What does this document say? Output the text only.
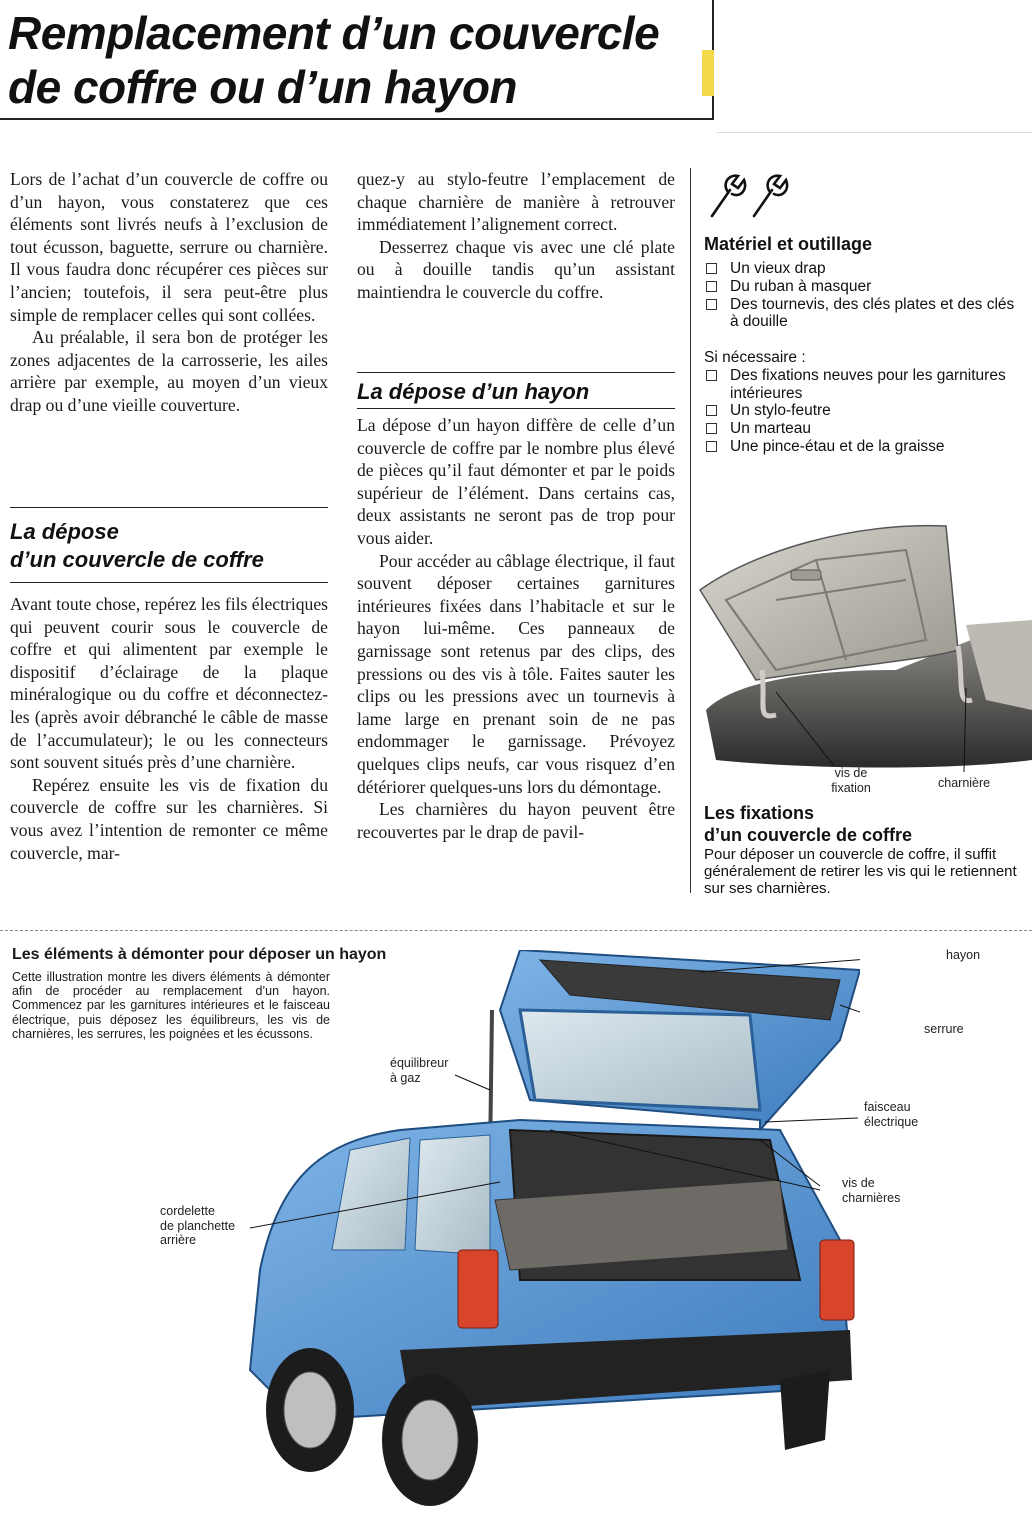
Remplacement d’un couvercle
de coffre ou d’un hayon

Lors de l’achat d’un couvercle de coffre ou d’un hayon, vous constaterez que ces éléments sont livrés neufs à l’exclusion de tout écusson, baguette, serrure ou charnière. Il vous faudra donc récupérer ces pièces sur l’ancien; toutefois, il sera peut-être plus simple de remplacer celles qui sont collées.

Au préalable, il sera bon de protéger les zones adjacentes de la carrosserie, les ailes arrière par exemple, au moyen d’un vieux drap ou d’une vieille couverture.

La dépose
d’un couvercle de coffre

Avant toute chose, repérez les fils électriques qui peuvent courir sous le couvercle de coffre et qui alimentent par exemple le dispositif d’éclairage de la plaque minéralogique ou du coffre et déconnectez-les (après avoir débranché le câble de masse de l’accumulateur); le ou les connecteurs sont souvent situés près d’une charnière.

Repérez ensuite les vis de fixation du couvercle de coffre sur les charnières. Si vous avez l’intention de remonter ce même couvercle, mar-

quez-y au stylo-feutre l’emplacement de chaque charnière de manière à retrouver immédiatement l’alignement correct.

Desserrez chaque vis avec une clé plate ou à douille tandis qu’un assistant maintiendra le couvercle du coffre.

La dépose d’un hayon

La dépose d’un hayon diffère de celle d’un couvercle de coffre par le nombre plus élevé de pièces qu’il faut démonter et par le poids supérieur de l’élément. Dans certains cas, deux assistants ne seront pas de trop pour vous aider.

Pour accéder au câblage électrique, il faut souvent déposer certaines garnitures intérieures fixées dans l’habitacle et sur le hayon lui-même. Ces panneaux de garnissage sont retenus par des clips, des pressions ou des vis à tôle. Faites sauter les clips ou les pressions avec un tournevis à lame large en prenant soin de ne pas endommager le garnissage. Prévoyez quelques clips neufs, car vous risquez d’en détériorer quelques-uns lors du démontage.

Les charnières du hayon peuvent être recouvertes par le drap de pavil-

Matériel et outillage
Un vieux drap
Du ruban à masquer
Des tournevis, des clés plates et des clés à douille
Si nécessaire :
Des fixations neuves pour les garnitures intérieures
Un stylo-feutre
Un marteau
Une pince-étau et de la graisse
vis de
fixation	charnière
Les fixations
d’un couvercle de coffre
Pour déposer un couvercle de coffre, il suffit généralement de retirer les vis qui le retiennent sur ses charnières.
Les éléments à démonter pour déposer un hayon
Cette illustration montre les divers éléments à démonter afin de procéder au remplacement d’un hayon. Commencez par les garnitures intérieures et le faisceau électrique, puis déposez les équilibreurs, les vis de charnières, les serrures, les poignées et les écussons.
hayon
serrure
équilibreur
à gaz
faisceau
électrique
vis de
charnières
cordelette
de planchette
arrière
